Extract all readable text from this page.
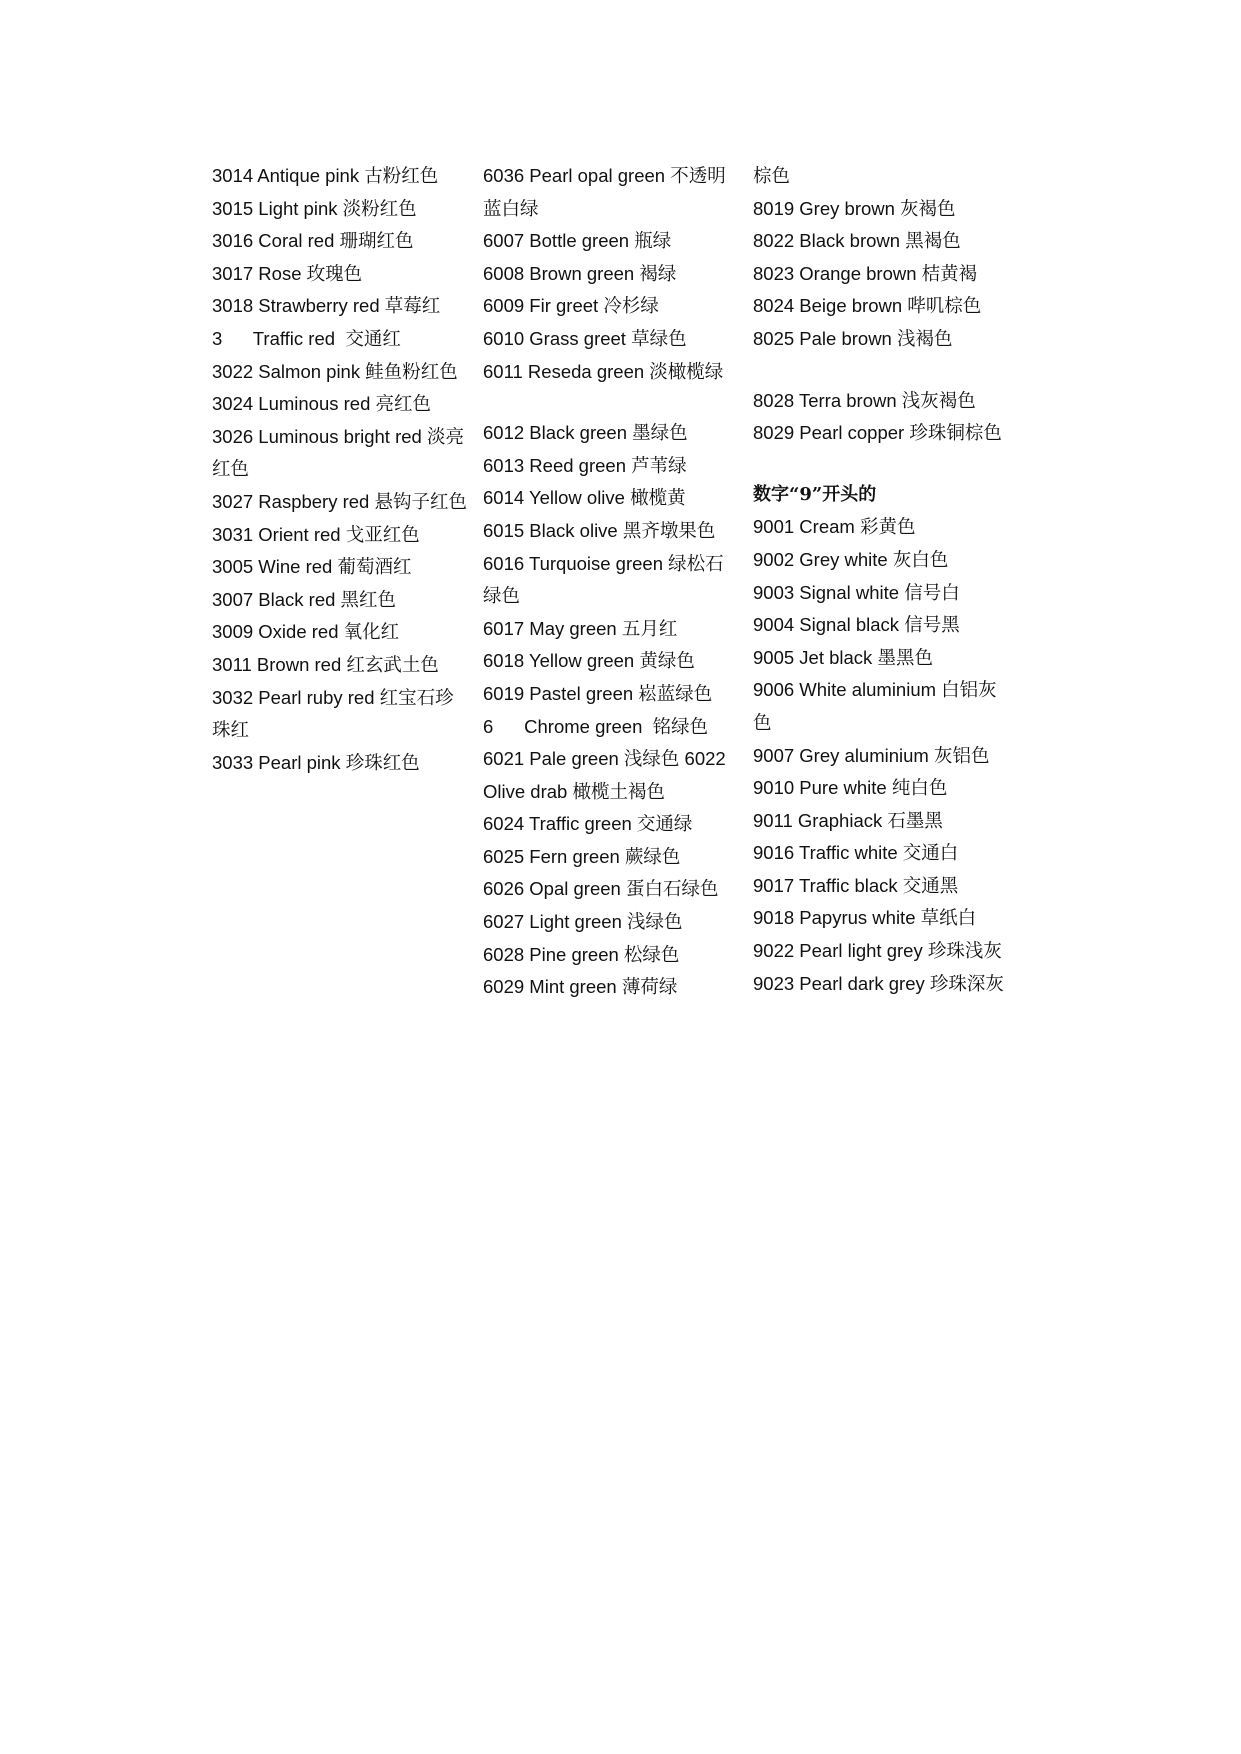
3014 Antique pink 古粉红色
3015 Light pink 淡粉红色
3016 Coral red 珊瑚红色
3017 Rose 玫瑰色
3018 Strawberry red 草莓红
3      Traffic red  交通红
3022 Salmon pink 鲑鱼粉红色
3024 Luminous red 亮红色
3026 Luminous bright red 淡亮
红色
3027 Raspbery red 悬钩子红色
3031 Orient red 戈亚红色
3005 Wine red 葡萄酒红
3007 Black red 黑红色
3009 Oxide red 氧化红
3011 Brown red 红玄武土色
3032 Pearl ruby red 红宝石珍
珠红
3033 Pearl pink 珍珠红色
6036 Pearl opal green 不透明
蓝白绿
6007 Bottle green 瓶绿
6008 Brown green 褐绿
6009 Fir greet 冷杉绿
6010 Grass greet 草绿色
6011 Reseda green 淡橄榄绿
6012 Black green 墨绿色
6013 Reed green 芦苇绿
6014 Yellow olive 橄榄黄
6015 Black olive 黑齐墩果色
6016 Turquoise green 绿松石
绿色
6017 May green 五月红
6018 Yellow green 黄绿色
6019 Pastel green 崧蓝绿色
6      Chrome green  铭绿色
6021 Pale green 浅绿色 6022
Olive drab 橄榄土褐色
6024 Traffic green 交通绿
6025 Fern green 蕨绿色
6026 Opal green 蛋白石绿色
6027 Light green 浅绿色
6028 Pine green 松绿色
6029 Mint green 薄荷绿
棕色
8019 Grey brown 灰褐色
8022 Black brown 黑褐色
8023 Orange brown 桔黄褐
8024 Beige brown 哔叽棕色
8025 Pale brown 浅褐色
8028 Terra brown 浅灰褐色
8029 Pearl copper 珍珠铜棕色
数字“9”开头的
9001 Cream 彩黄色
9002 Grey white 灰白色
9003 Signal white 信号白
9004 Signal black 信号黑
9005 Jet black 墨黑色
9006 White aluminium 白铝灰
色
9007 Grey aluminium 灰铝色
9010 Pure white 纯白色
9011 Graphiack 石墨黑
9016 Traffic white 交通白
9017 Traffic black 交通黑
9018 Papyrus white 草纸白
9022 Pearl light grey 珍珠浅灰
9023 Pearl dark grey 珍珠深灰
